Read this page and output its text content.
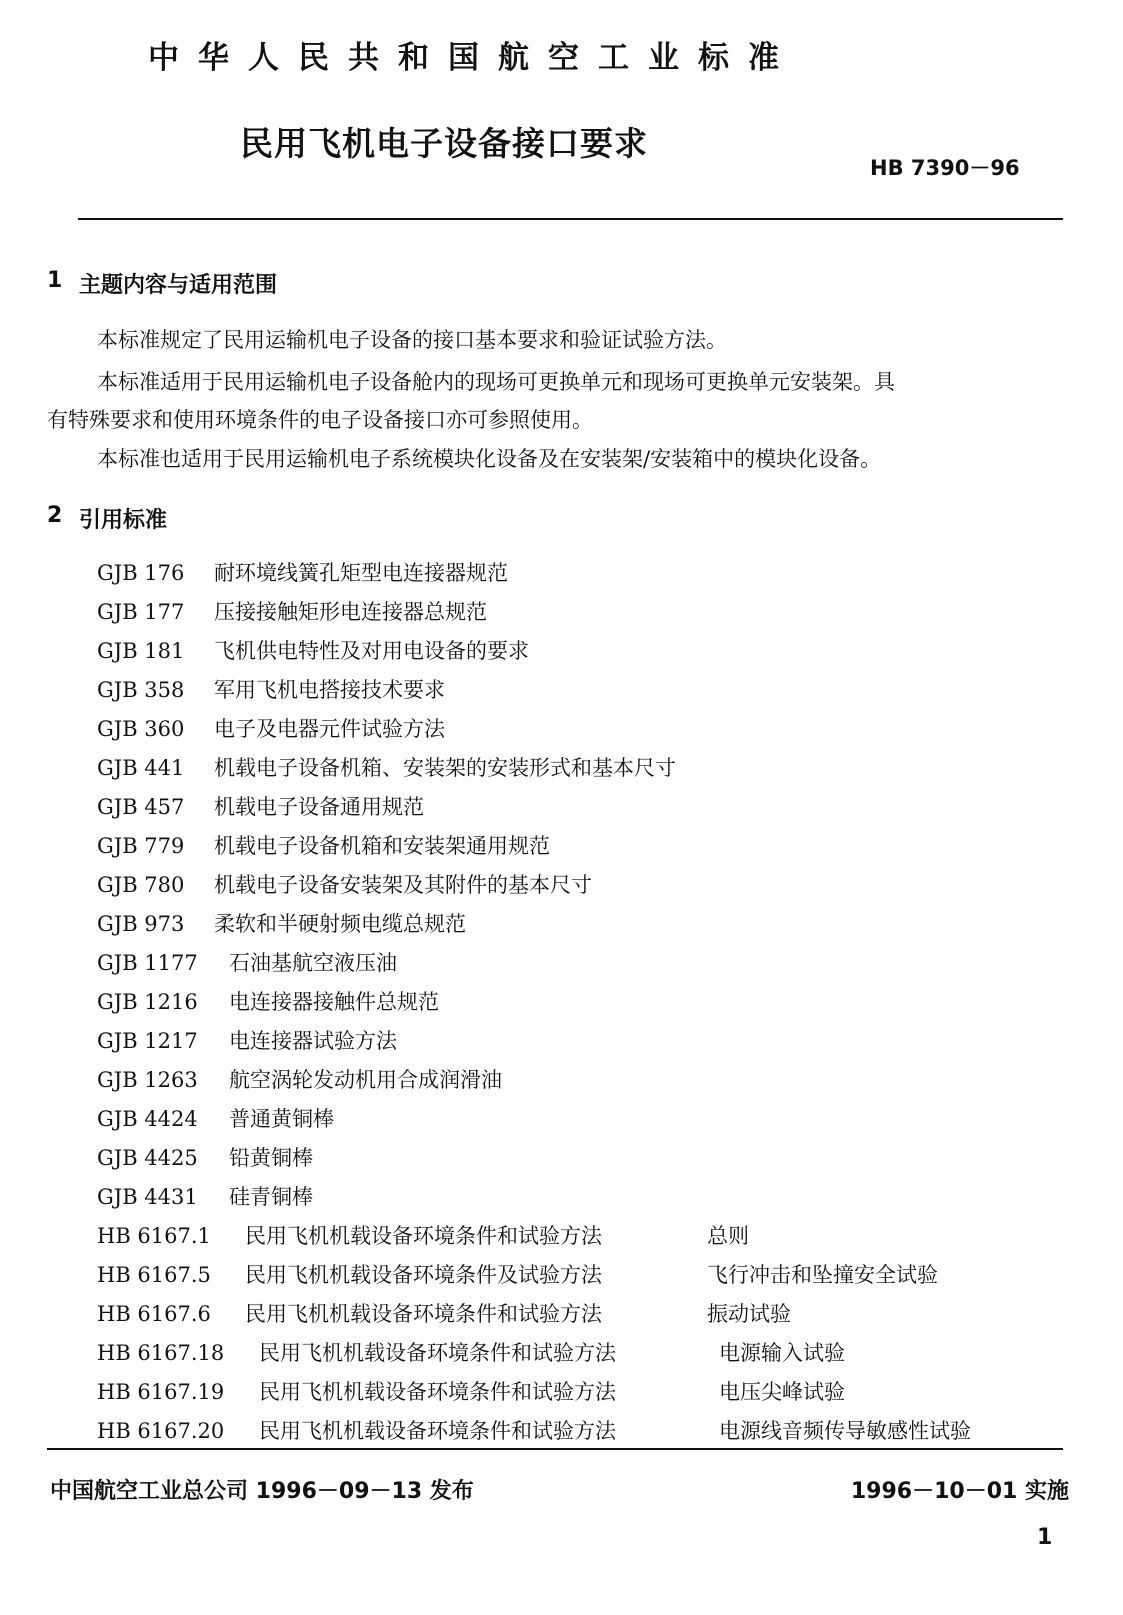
中华人民共和国航空工业标准
民用飞机电子设备接口要求
HB 7390－96
1 主题内容与适用范围
本标准规定了民用运输机电子设备的接口基本要求和验证试验方法。
本标准适用于民用运输机电子设备舱内的现场可更换单元和现场可更换单元安装架。具
有特殊要求和使用环境条件的电子设备接口亦可参照使用。
本标准也适用于民用运输机电子系统模块化设备及在安装架/安装箱中的模块化设备。
2 引用标准
GJB 176 耐环境线簧孔矩型电连接器规范
GJB 177 压接接触矩形电连接器总规范
GJB 181 飞机供电特性及对用电设备的要求
GJB 358 军用飞机电搭接技术要求
GJB 360 电子及电器元件试验方法
GJB 441 机载电子设备机箱、安装架的安装形式和基本尺寸
GJB 457 机载电子设备通用规范
GJB 779 机载电子设备机箱和安装架通用规范
GJB 780 机载电子设备安装架及其附件的基本尺寸
GJB 973 柔软和半硬射频电缆总规范
GJB 1177 石油基航空液压油
GJB 1216 电连接器接触件总规范
GJB 1217 电连接器试验方法
GJB 1263 航空涡轮发动机用合成润滑油
GJB 4424 普通黄铜棒
GJB 4425 铅黄铜棒
GJB 4431 硅青铜棒
HB 6167.1 民用飞机机载设备环境条件和试验方法	总则
HB 6167.5 民用飞机机载设备环境条件及试验方法	飞行冲击和坠撞安全试验
HB 6167.6 民用飞机机载设备环境条件和试验方法	振动试验
HB 6167.18 民用飞机机载设备环境条件和试验方法	电源输入试验
HB 6167.19 民用飞机机载设备环境条件和试验方法	电压尖峰试验
HB 6167.20 民用飞机机载设备环境条件和试验方法	电源线音频传导敏感性试验
中国航空工业总公司 1996－09－13 发布	1996－10－01 实施
1
